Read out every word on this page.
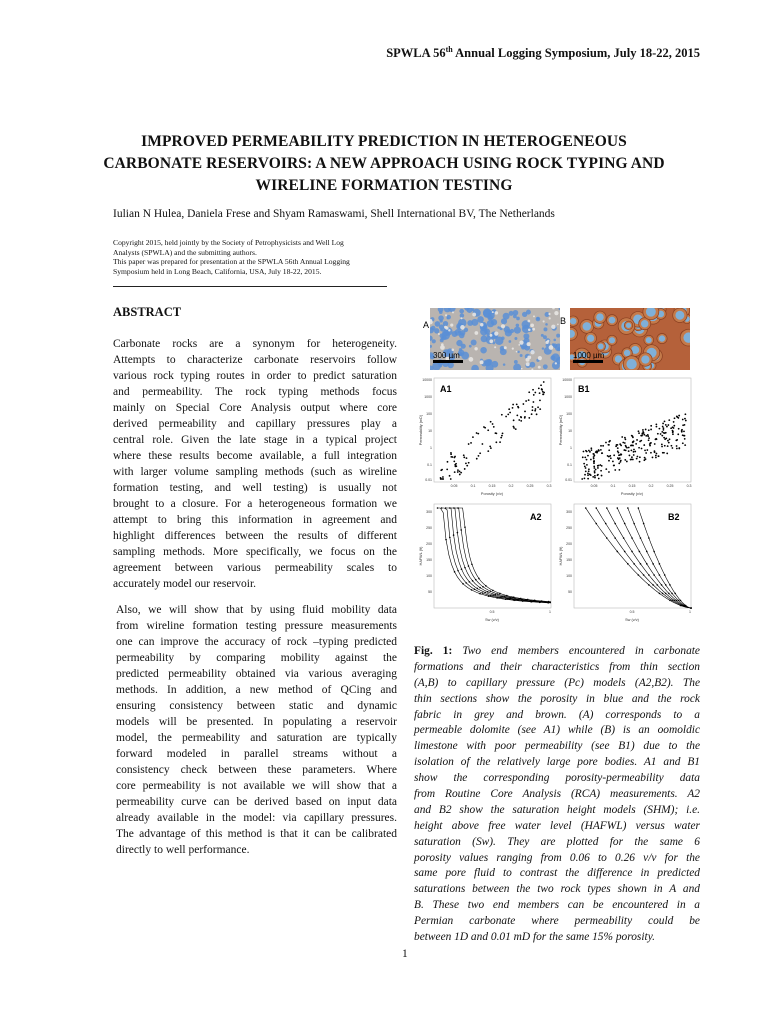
SPWLA 56th Annual Logging Symposium, July 18-22, 2015
IMPROVED PERMEABILITY PREDICTION IN HETEROGENEOUS CARBONATE RESERVOIRS: A NEW APPROACH USING ROCK TYPING AND WIRELINE FORMATION TESTING
Iulian N Hulea, Daniela Frese and Shyam Ramaswami, Shell International BV, The Netherlands
Copyright 2015, held jointly by the Society of Petrophysicists and Well Log
Analysts (SPWLA) and the submitting authors.
This paper was prepared for presentation at the SPWLA 56th Annual Logging
Symposium held in Long Beach, California, USA, July 18-22, 2015.
ABSTRACT
Carbonate rocks are a synonym for heterogeneity.
Attempts to characterize carbonate reservoirs follow
various rock typing routes in order to predict saturation
and permeability. The rock typing methods focus
mainly on Special Core Analysis output where core
derived permeability and capillary pressures play a
central role. Given the late stage in a typical project
where these results become available, a full integration
with larger volume sampling methods (such as wireline
formation testing, and well testing) is usually not
brought to a closure. For a heterogeneous formation we
attempt to bring this information in agreement and
highlight differences between the results of different
sampling methods. More specifically, we focus on the
agreement between various permeability scales to
accurately model our reservoir.
Also, we will show that by using fluid mobility data
from wireline formation testing pressure measurements
one can improve the accuracy of rock –typing predicted
permeability by comparing mobility against the
predicted permeability obtained via various averaging
methods. In addition, a new method of QCing and
ensuring consistency between static and dynamic
models will be presented. In populating a reservoir
model, the permeability and saturation are typically
forward modeled in parallel streams without a
consistency check between these parameters. Where
core permeability is not available we will show that a
permeability curve can be derived based on input data
already available in the model: via capillary pressures.
The advantage of this method is that it can be calibrated
directly to well performance.
300 µm
A
1000 µm
B
A1
10000
1000
100
10
1
0.1
0.01
0.05	0.1	0.15	0.2	0.25	0.3
Porosity (v/v)
Permeability (mD)
B1
10000
1000
100
10
1
0.1
0.01
0.05	0.1	0.15	0.2	0.25	0.3
Porosity (v/v)
Permeability (mD)
A2
300
250
200
150
100
50
0.5	1
Sw (v/v)
HAFWL (ft)
B2
300
250
200
150
100
50
0.5	1
Sw (v/v)
HAFWL (ft)
Fig. 1: Two end members encountered in carbonate
formations and their characteristics from thin section
(A,B) to capillary pressure (Pc) models (A2,B2). The
thin sections show the porosity in blue and the rock
fabric in grey and brown. (A) corresponds to a
permeable dolomite (see A1) while (B) is an oomoldic
limestone with poor permeability (see B1) due to the
isolation of the relatively large pore bodies. A1 and B1
show the corresponding porosity-permeability data
from Routine Core Analysis (RCA) measurements. A2
and B2 show the saturation height models (SHM); i.e.
height above free water level (HAFWL) versus water
saturation (Sw). They are plotted for the same 6
porosity values ranging from 0.06 to 0.26 v/v for the
same pore fluid to contrast the difference in predicted
saturations between the two rock types shown in A and
B. These two end members can be encountered in a
Permian carbonate where permeability could be
between 1D and 0.01 mD for the same 15% porosity.
1
